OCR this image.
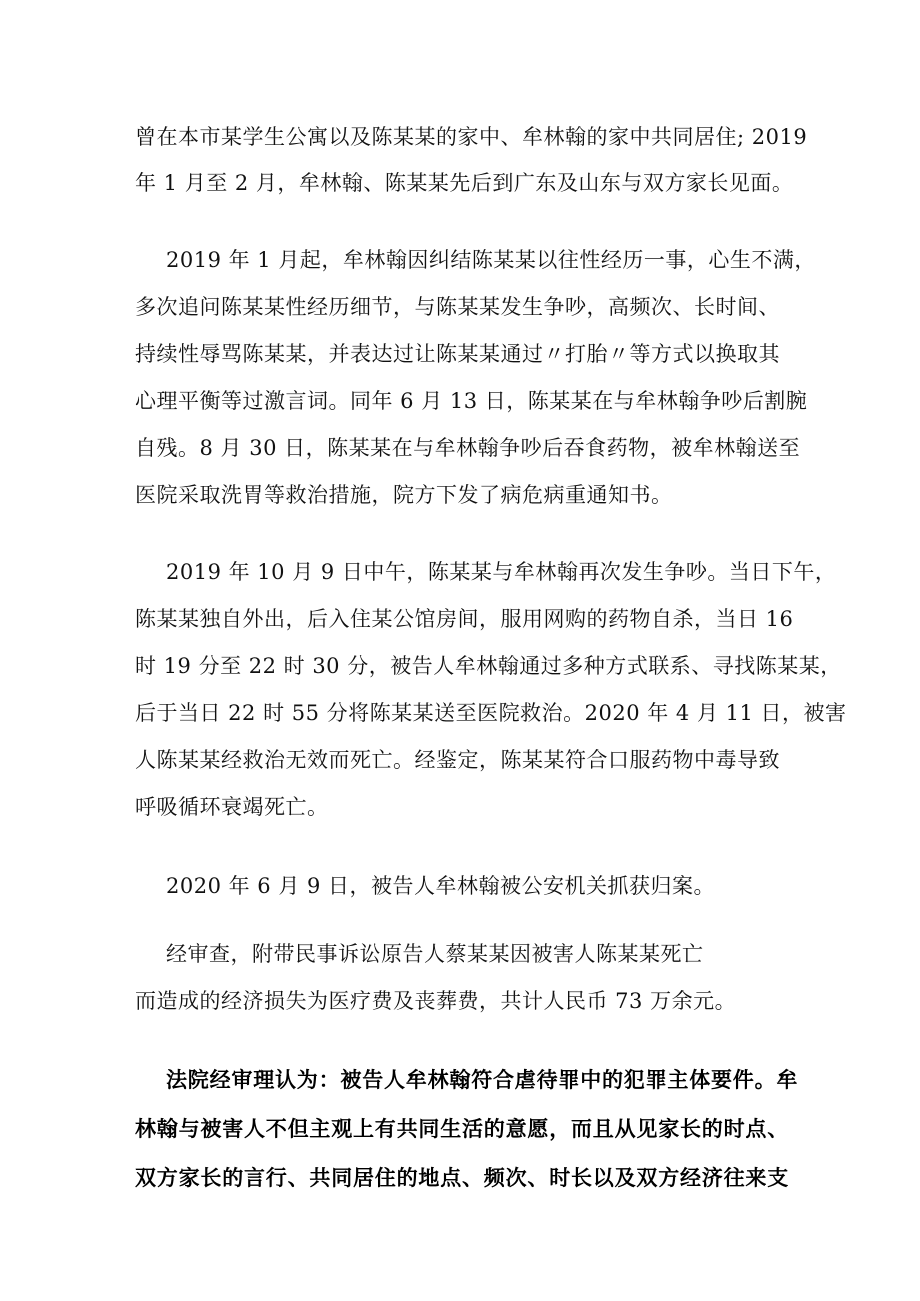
曾在本市某学生公寓以及陈某某的家中、牟林翰的家中共同居住; 2019
年 1 月至 2 月，牟林翰、陈某某先后到广东及山东与双方家长见面。
2019 年 1 月起，牟林翰因纠结陈某某以往性经历一事，心生不满，
多次追问陈某某性经历细节，与陈某某发生争吵，高频次、长时间、
持续性辱骂陈某某，并表达过让陈某某通过〃打胎〃等方式以换取其
心理平衡等过激言词。同年 6 月 13 日，陈某某在与牟林翰争吵后割腕
自残。8 月 30 日，陈某某在与牟林翰争吵后吞食药物，被牟林翰送至
医院采取洗胃等救治措施，院方下发了病危病重通知书。
2019 年 10 月 9 日中午，陈某某与牟林翰再次发生争吵。当日下午，
陈某某独自外出，后入住某公馆房间，服用网购的药物自杀，当日 16
时 19 分至 22 时 30 分，被告人牟林翰通过多种方式联系、寻找陈某某，
后于当日 22 时 55 分将陈某某送至医院救治。2020 年 4 月 11 日，被害
人陈某某经救治无效而死亡。经鉴定，陈某某符合口服药物中毒导致
呼吸循环衰竭死亡。
2020 年 6 月 9 日，被告人牟林翰被公安机关抓获归案。
经审查，附带民事诉讼原告人蔡某某因被害人陈某某死亡
而造成的经济损失为医疗费及丧葬费，共计人民币 73 万余元。
法院经审理认为：被告人牟林翰符合虐待罪中的犯罪主体要件。牟
林翰与被害人不但主观上有共同生活的意愿，而且从见家长的时点、
双方家长的言行、共同居住的地点、频次、时长以及双方经济往来支
